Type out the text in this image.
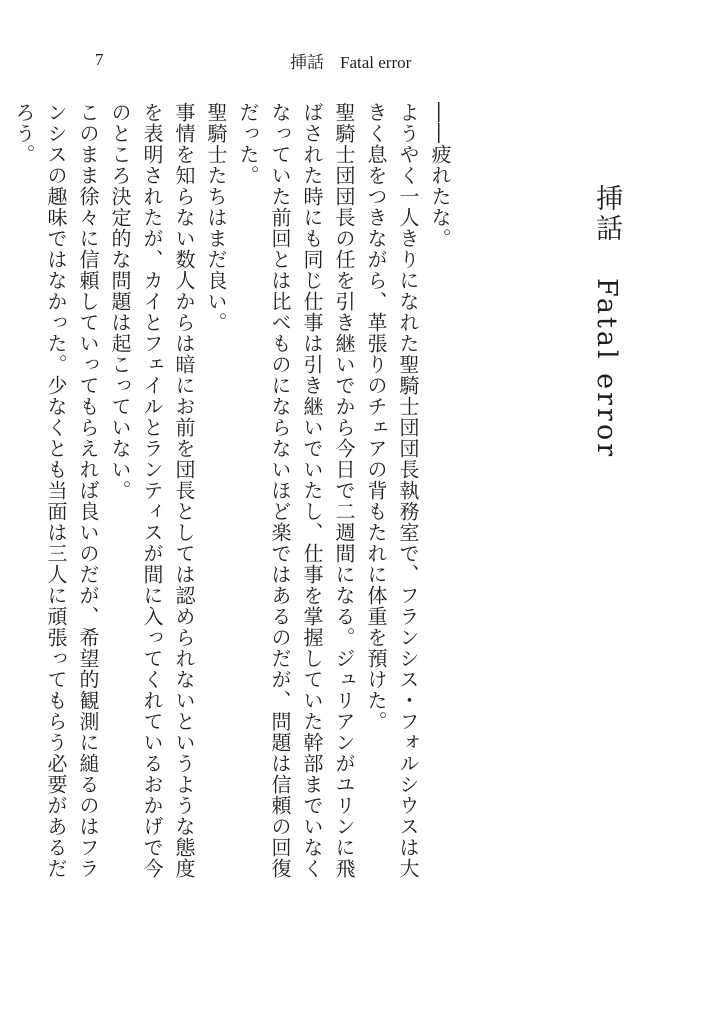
7	挿話 Fatal error
挿話Fatal error

――疲れたな。

ようやく一人きりになれた聖騎士団団長執務室で、フランシス・フォルシウスは大きく息をつきながら、革張りのチェアの背もたれに体重を預けた。

聖騎士団団長の任を引き継いでから今日で二週間になる。ジュリアンがユリンに飛ばされた時にも同じ仕事は引き継いでいたし、仕事を掌握していた幹部までいなくなっていた前回とは比べものにならないほど楽ではあるのだが、問題は信頼の回復だった。

聖騎士たちはまだ良い。

事情を知らない数人からは暗にお前を団長としては認められないというような態度を表明されたが、カイとフェイルとランティスが間に入ってくれているおかげで今のところ決定的な問題は起こっていない。

このまま徐々に信頼していってもらえれば良いのだが、希望的観測に縋るのはフランシスの趣味ではなかった。少なくとも当面は三人に頑張ってもらう必要があるだろう。
